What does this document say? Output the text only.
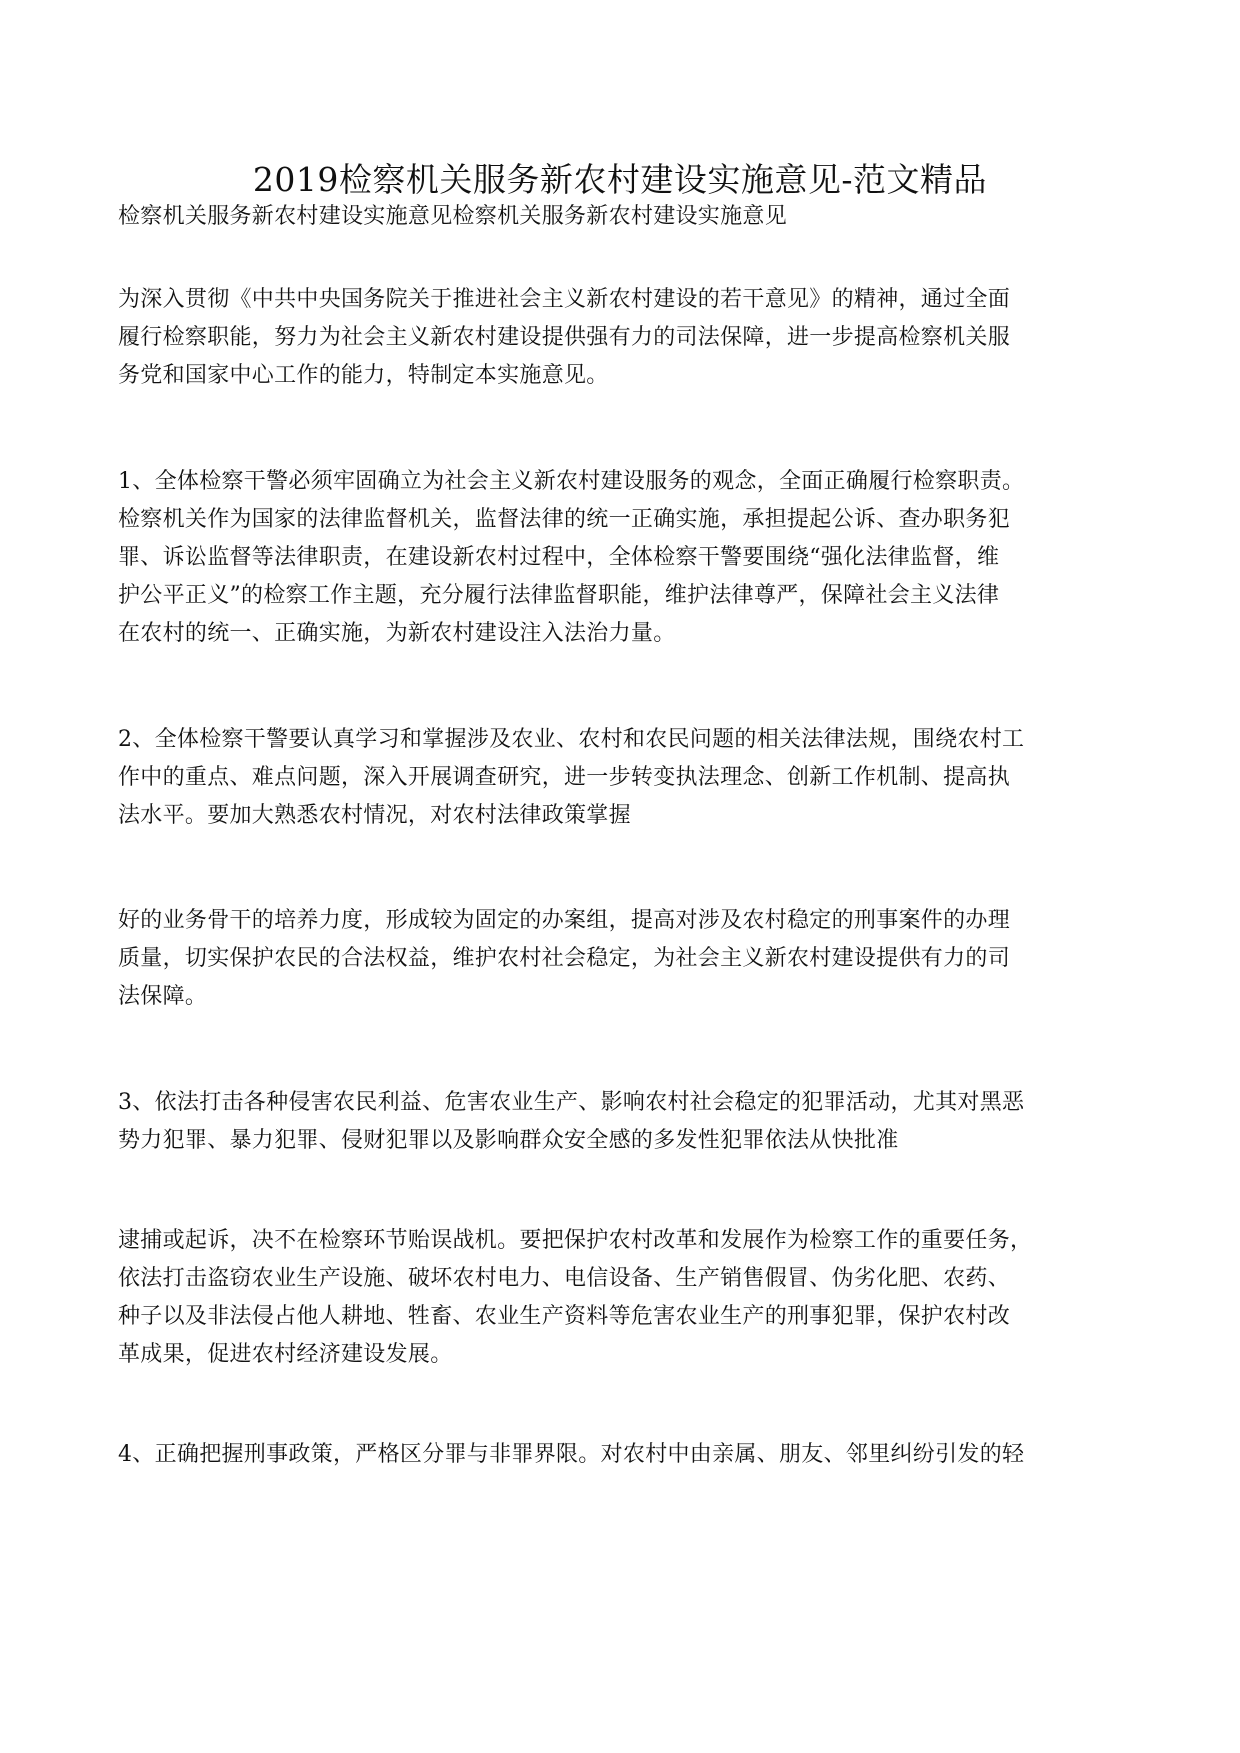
2019检察机关服务新农村建设实施意见-范文精品
检察机关服务新农村建设实施意见检察机关服务新农村建设实施意见
为深入贯彻《中共中央国务院关于推进社会主义新农村建设的若干意见》的精神，通过全面
履行检察职能，努力为社会主义新农村建设提供强有力的司法保障，进一步提高检察机关服
务党和国家中心工作的能力，特制定本实施意见。
1、全体检察干警必须牢固确立为社会主义新农村建设服务的观念，全面正确履行检察职责。
检察机关作为国家的法律监督机关，监督法律的统一正确实施，承担提起公诉、查办职务犯
罪、诉讼监督等法律职责，在建设新农村过程中，全体检察干警要围绕“强化法律监督，维
护公平正义”的检察工作主题，充分履行法律监督职能，维护法律尊严，保障社会主义法律
在农村的统一、正确实施，为新农村建设注入法治力量。
2、全体检察干警要认真学习和掌握涉及农业、农村和农民问题的相关法律法规，围绕农村工
作中的重点、难点问题，深入开展调查研究，进一步转变执法理念、创新工作机制、提高执
法水平。要加大熟悉农村情况，对农村法律政策掌握
好的业务骨干的培养力度，形成较为固定的办案组，提高对涉及农村稳定的刑事案件的办理
质量，切实保护农民的合法权益，维护农村社会稳定，为社会主义新农村建设提供有力的司
法保障。
3、依法打击各种侵害农民利益、危害农业生产、影响农村社会稳定的犯罪活动，尤其对黑恶
势力犯罪、暴力犯罪、侵财犯罪以及影响群众安全感的多发性犯罪依法从快批准
逮捕或起诉，决不在检察环节贻误战机。要把保护农村改革和发展作为检察工作的重要任务，
依法打击盗窃农业生产设施、破坏农村电力、电信设备、生产销售假冒、伪劣化肥、农药、
种子以及非法侵占他人耕地、牲畜、农业生产资料等危害农业生产的刑事犯罪，保护农村改
革成果，促进农村经济建设发展。
4、正确把握刑事政策，严格区分罪与非罪界限。对农村中由亲属、朋友、邻里纠纷引发的轻
